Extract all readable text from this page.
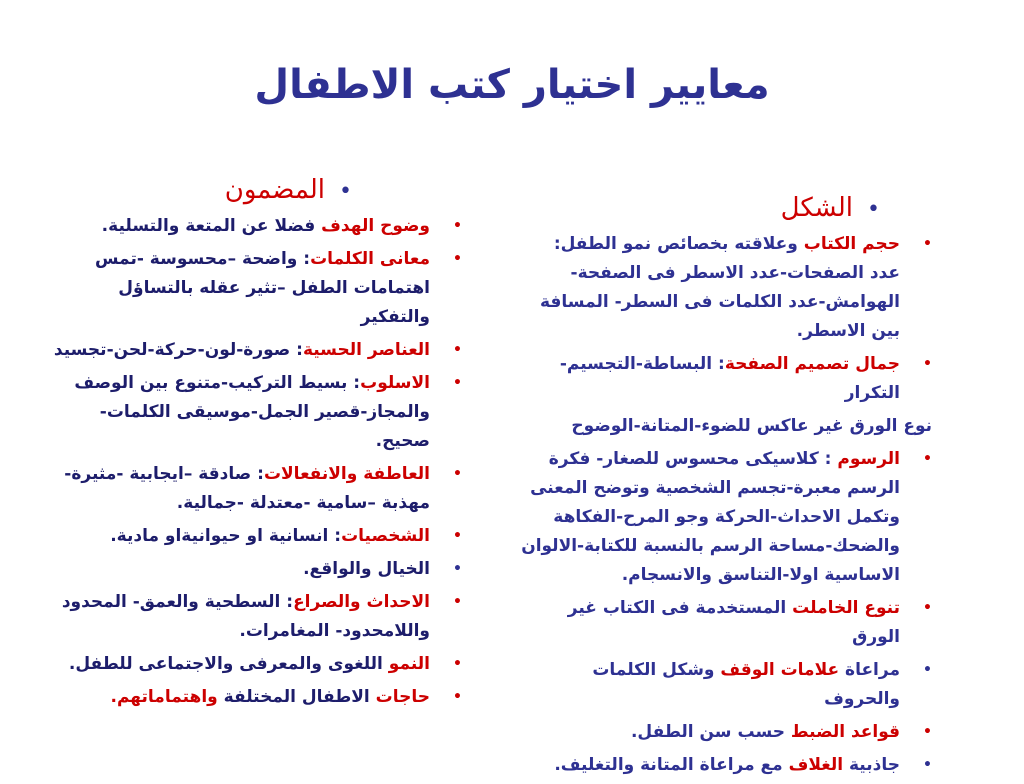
معايير اختيار كتب الاطفال
•الشكل
• حجم الكتاب وعلاقته بخصائص نمو الطفل: عدد الصفحات-عدد الاسطر فى الصفحة-الهوامش-عدد الكلمات فى السطر- المسافة بين الاسطر.
• جمال تصميم الصفحة: البساطة-التجسيم-التكرار
نوع الورق غير عاكس للضوء-المتانة-الوضوح
• الرسوم : كلاسيكى محسوس للصغار- فكرة الرسم معبرة-تجسم الشخصية وتوضح المعنى وتكمل الاحداث-الحركة وجو المرح-الفكاهة والضحك-مساحة الرسم بالنسبة للكتابة-الالوان الاساسية اولا-التناسق والانسجام.
• تنوع الخاملت المستخدمة فى الكتاب غير الورق
• مراعاة علامات الوقف وشكل الكلمات والحروف
• قواعد الضبط حسب سن الطفل.
• جاذبية الغلاف مع مراعاة المتانة والتغليف.
•المضمون
• وضوح الهدف فضلا عن المتعة والتسلية.
• معانى الكلمات: واضحة –محسوسة -تمس اهتمامات الطفل –تثير عقله بالتساؤل والتفكير
• العناصر الحسية: صورة-لون-حركة-لحن-تجسيد
• الاسلوب: بسيط التركيب-متنوع بين الوصف والمجاز-قصير الجمل-موسيقى الكلمات-صحيح.
• العاطفة والانفعالات: صادقة –ايجابية -مثيرة-مهذبة –سامية -معتدلة -جمالية.
• الشخصيات: انسانية او حيوانيةاو مادية.
• الخيال والواقع.
• الاحداث والصراع: السطحية والعمق- المحدود واللامحدود- المغامرات.
• النمو اللغوى والمعرفى والاجتماعى للطفل.
• حاجات الاطفال المختلفة واهتماماتهم.
